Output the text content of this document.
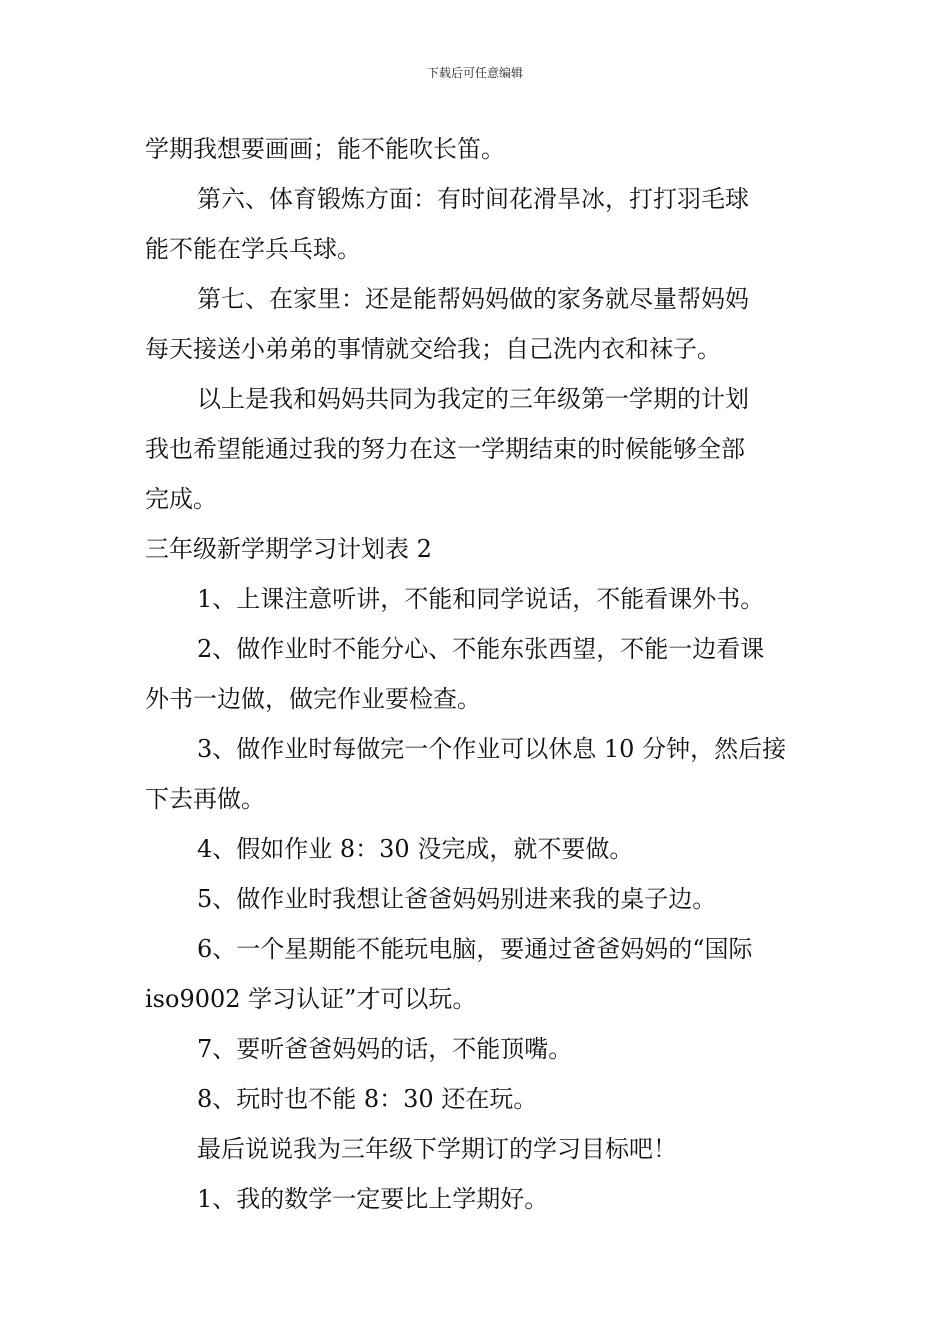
下载后可任意编辑
学期我想要画画；能不能吹长笛。
第六、体育锻炼方面：有时间花滑旱冰，打打羽毛球
能不能在学兵乓球。
第七、在家里：还是能帮妈妈做的家务就尽量帮妈妈
每天接送小弟弟的事情就交给我；自己洗内衣和袜子。
以上是我和妈妈共同为我定的三年级第一学期的计划
我也希望能通过我的努力在这一学期结束的时候能够全部
完成。
三年级新学期学习计划表 2
1、上课注意听讲，不能和同学说话，不能看课外书。
2、做作业时不能分心、不能东张西望，不能一边看课
外书一边做，做完作业要检查。
3、做作业时每做完一个作业可以休息 10 分钟，然后接
下去再做。
4、假如作业 8：30 没完成，就不要做。
5、做作业时我想让爸爸妈妈别进来我的桌子边。
6、一个星期能不能玩电脑，要通过爸爸妈妈的“国际
iso9002 学习认证”才可以玩。
7、要听爸爸妈妈的话，不能顶嘴。
8、玩时也不能 8：30 还在玩。
最后说说我为三年级下学期订的学习目标吧！
1、我的数学一定要比上学期好。
